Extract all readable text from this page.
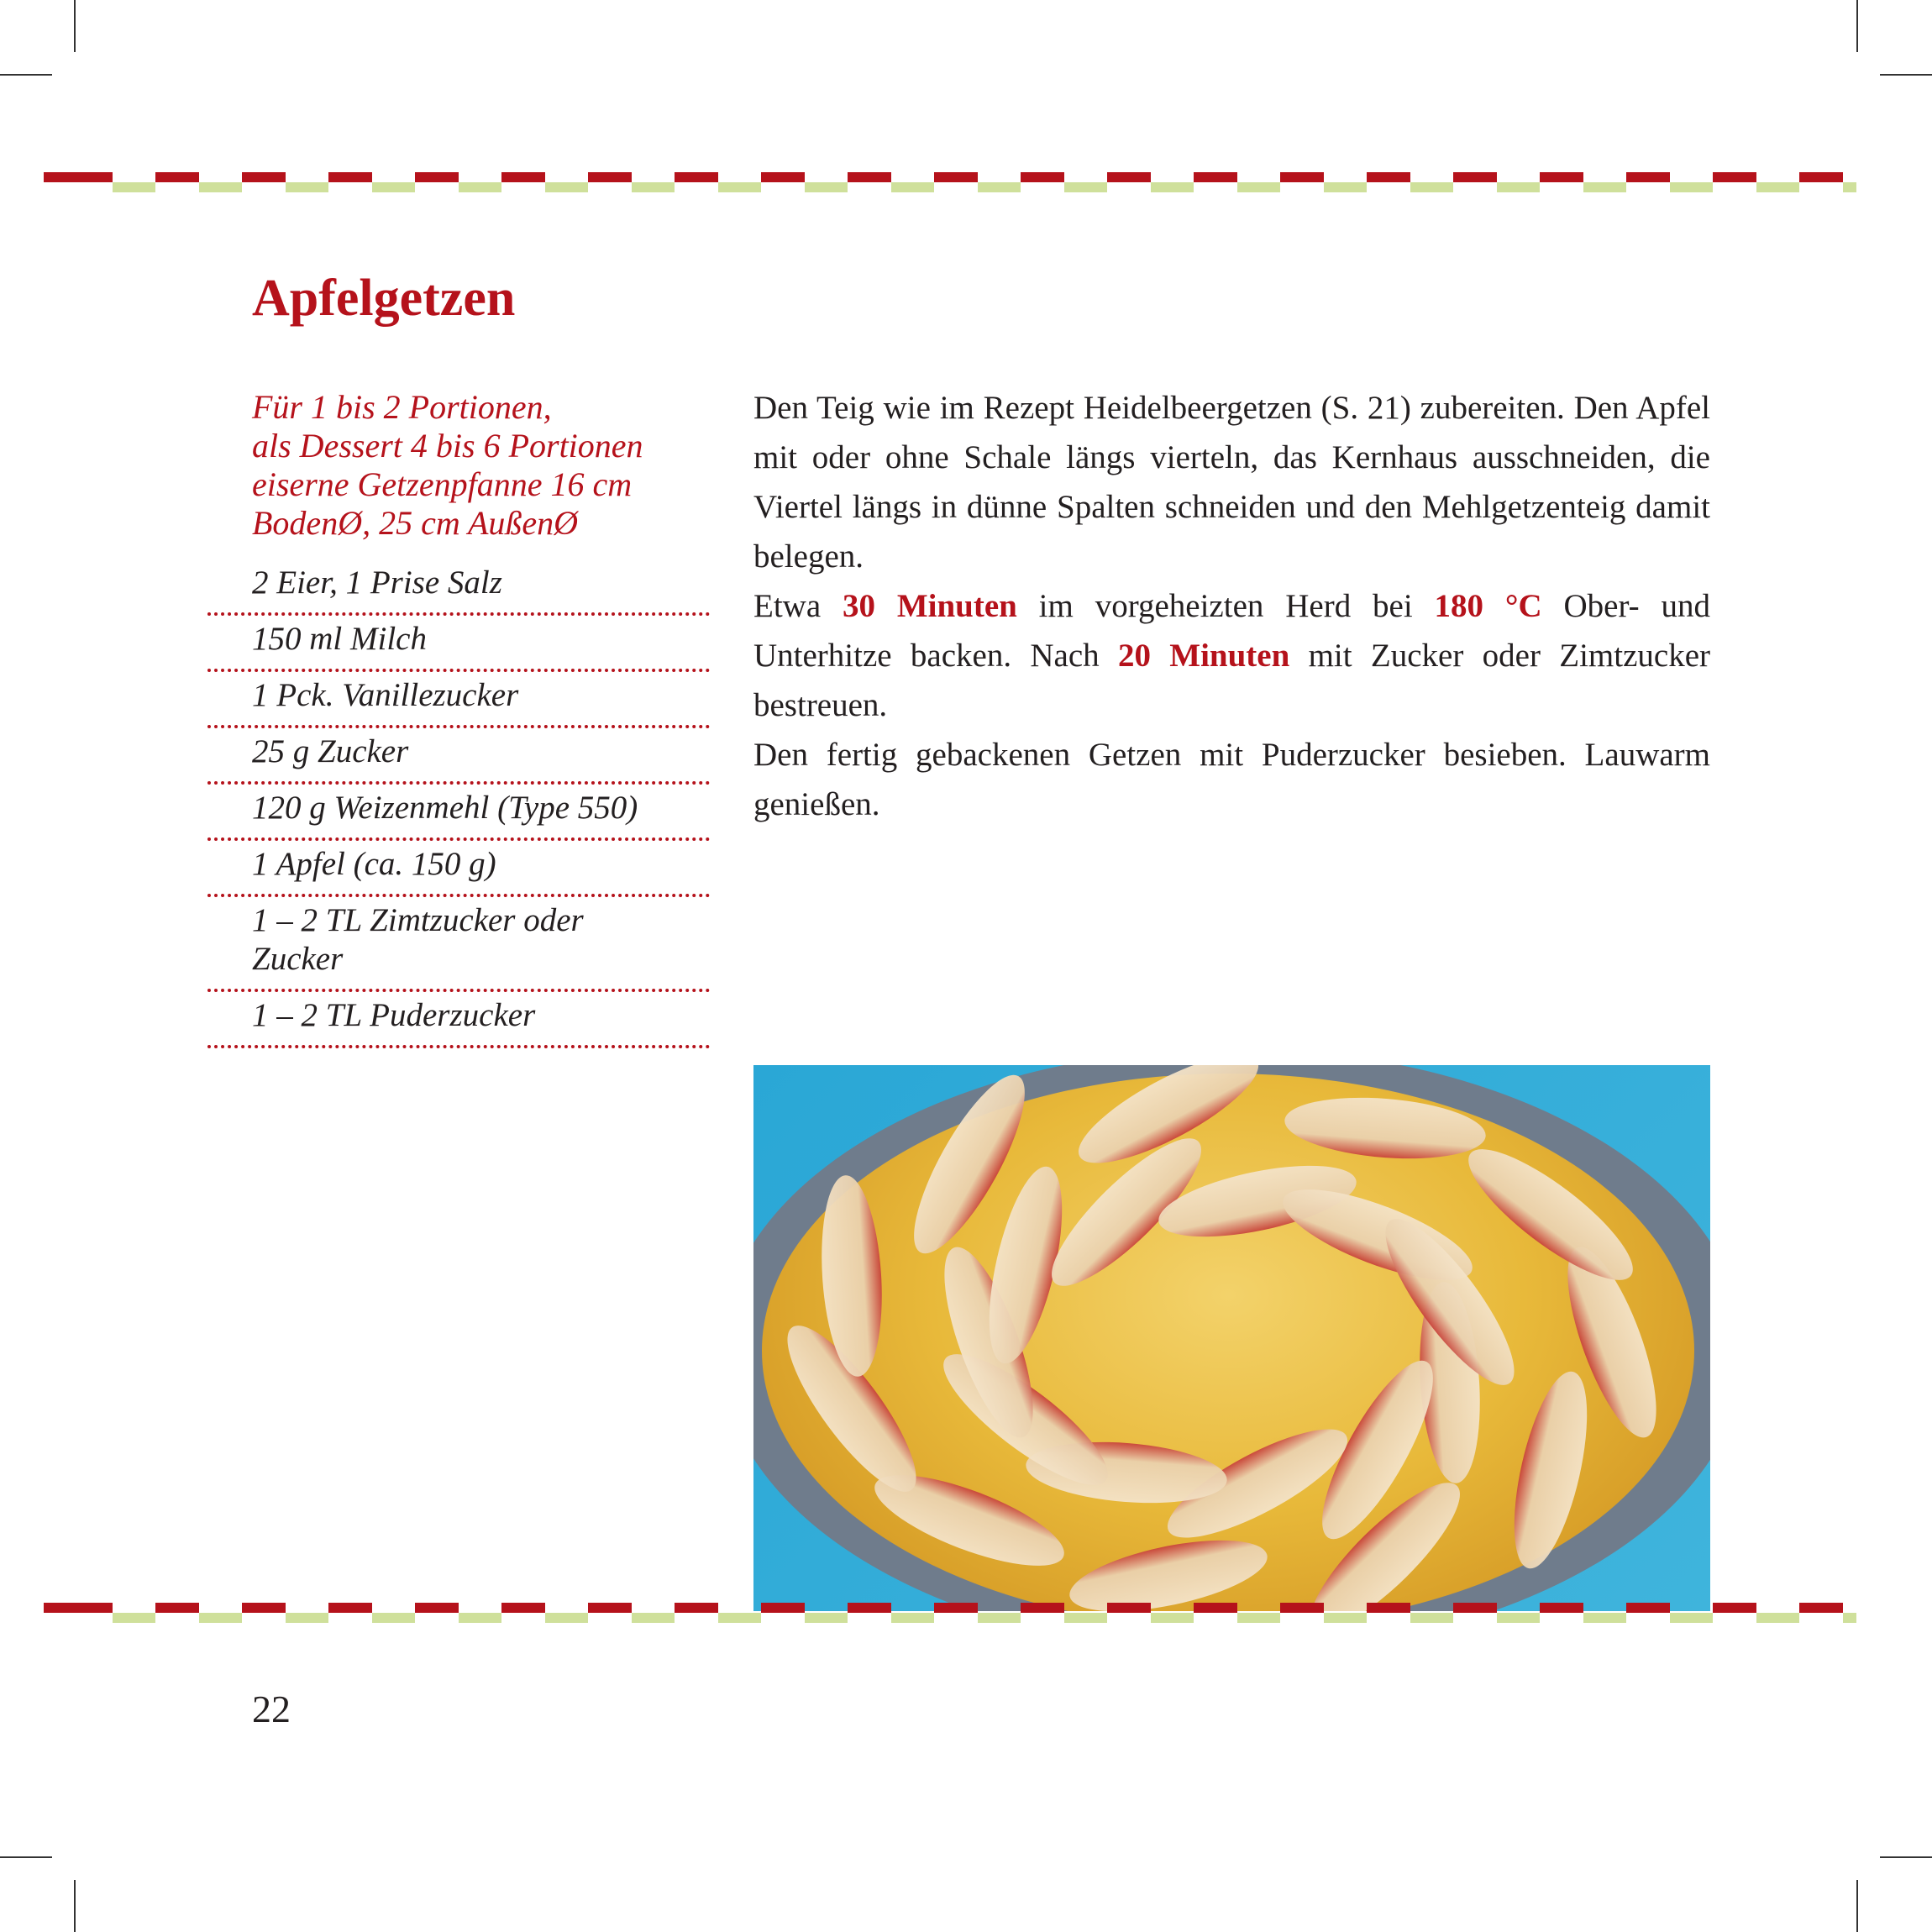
Apfelgetzen
Für 1 bis 2 Portionen,
als Dessert 4 bis 6 Portionen
eiserne Getzenpfanne 16 cm
BodenØ, 25 cm AußenØ
2 Eier, 1 Prise Salz
150 ml Milch
1 Pck. Vanillezucker
25 g Zucker
120 g Weizenmehl (Type 550)
1 Apfel (ca. 150 g)
1 – 2 TL Zimtzucker oder Zucker
1 – 2 TL Puderzucker

Den Teig wie im Rezept Heidelbeergetzen (S. 21) zubereiten. Den Apfel mit oder ohne Schale längs vierteln, das Kernhaus ausschneiden, die Viertel längs in dünne Spalten schneiden und den Mehlgetzenteig damit belegen.

Etwa 30 Minuten im vorgeheizten Herd bei 180 °C Ober- und Unterhitze backen. Nach 20 Minuten mit Zucker oder Zimtzucker bestreuen.

Den fertig gebackenen Getzen mit Puderzucker besieben. Lauwarm genießen.

22
